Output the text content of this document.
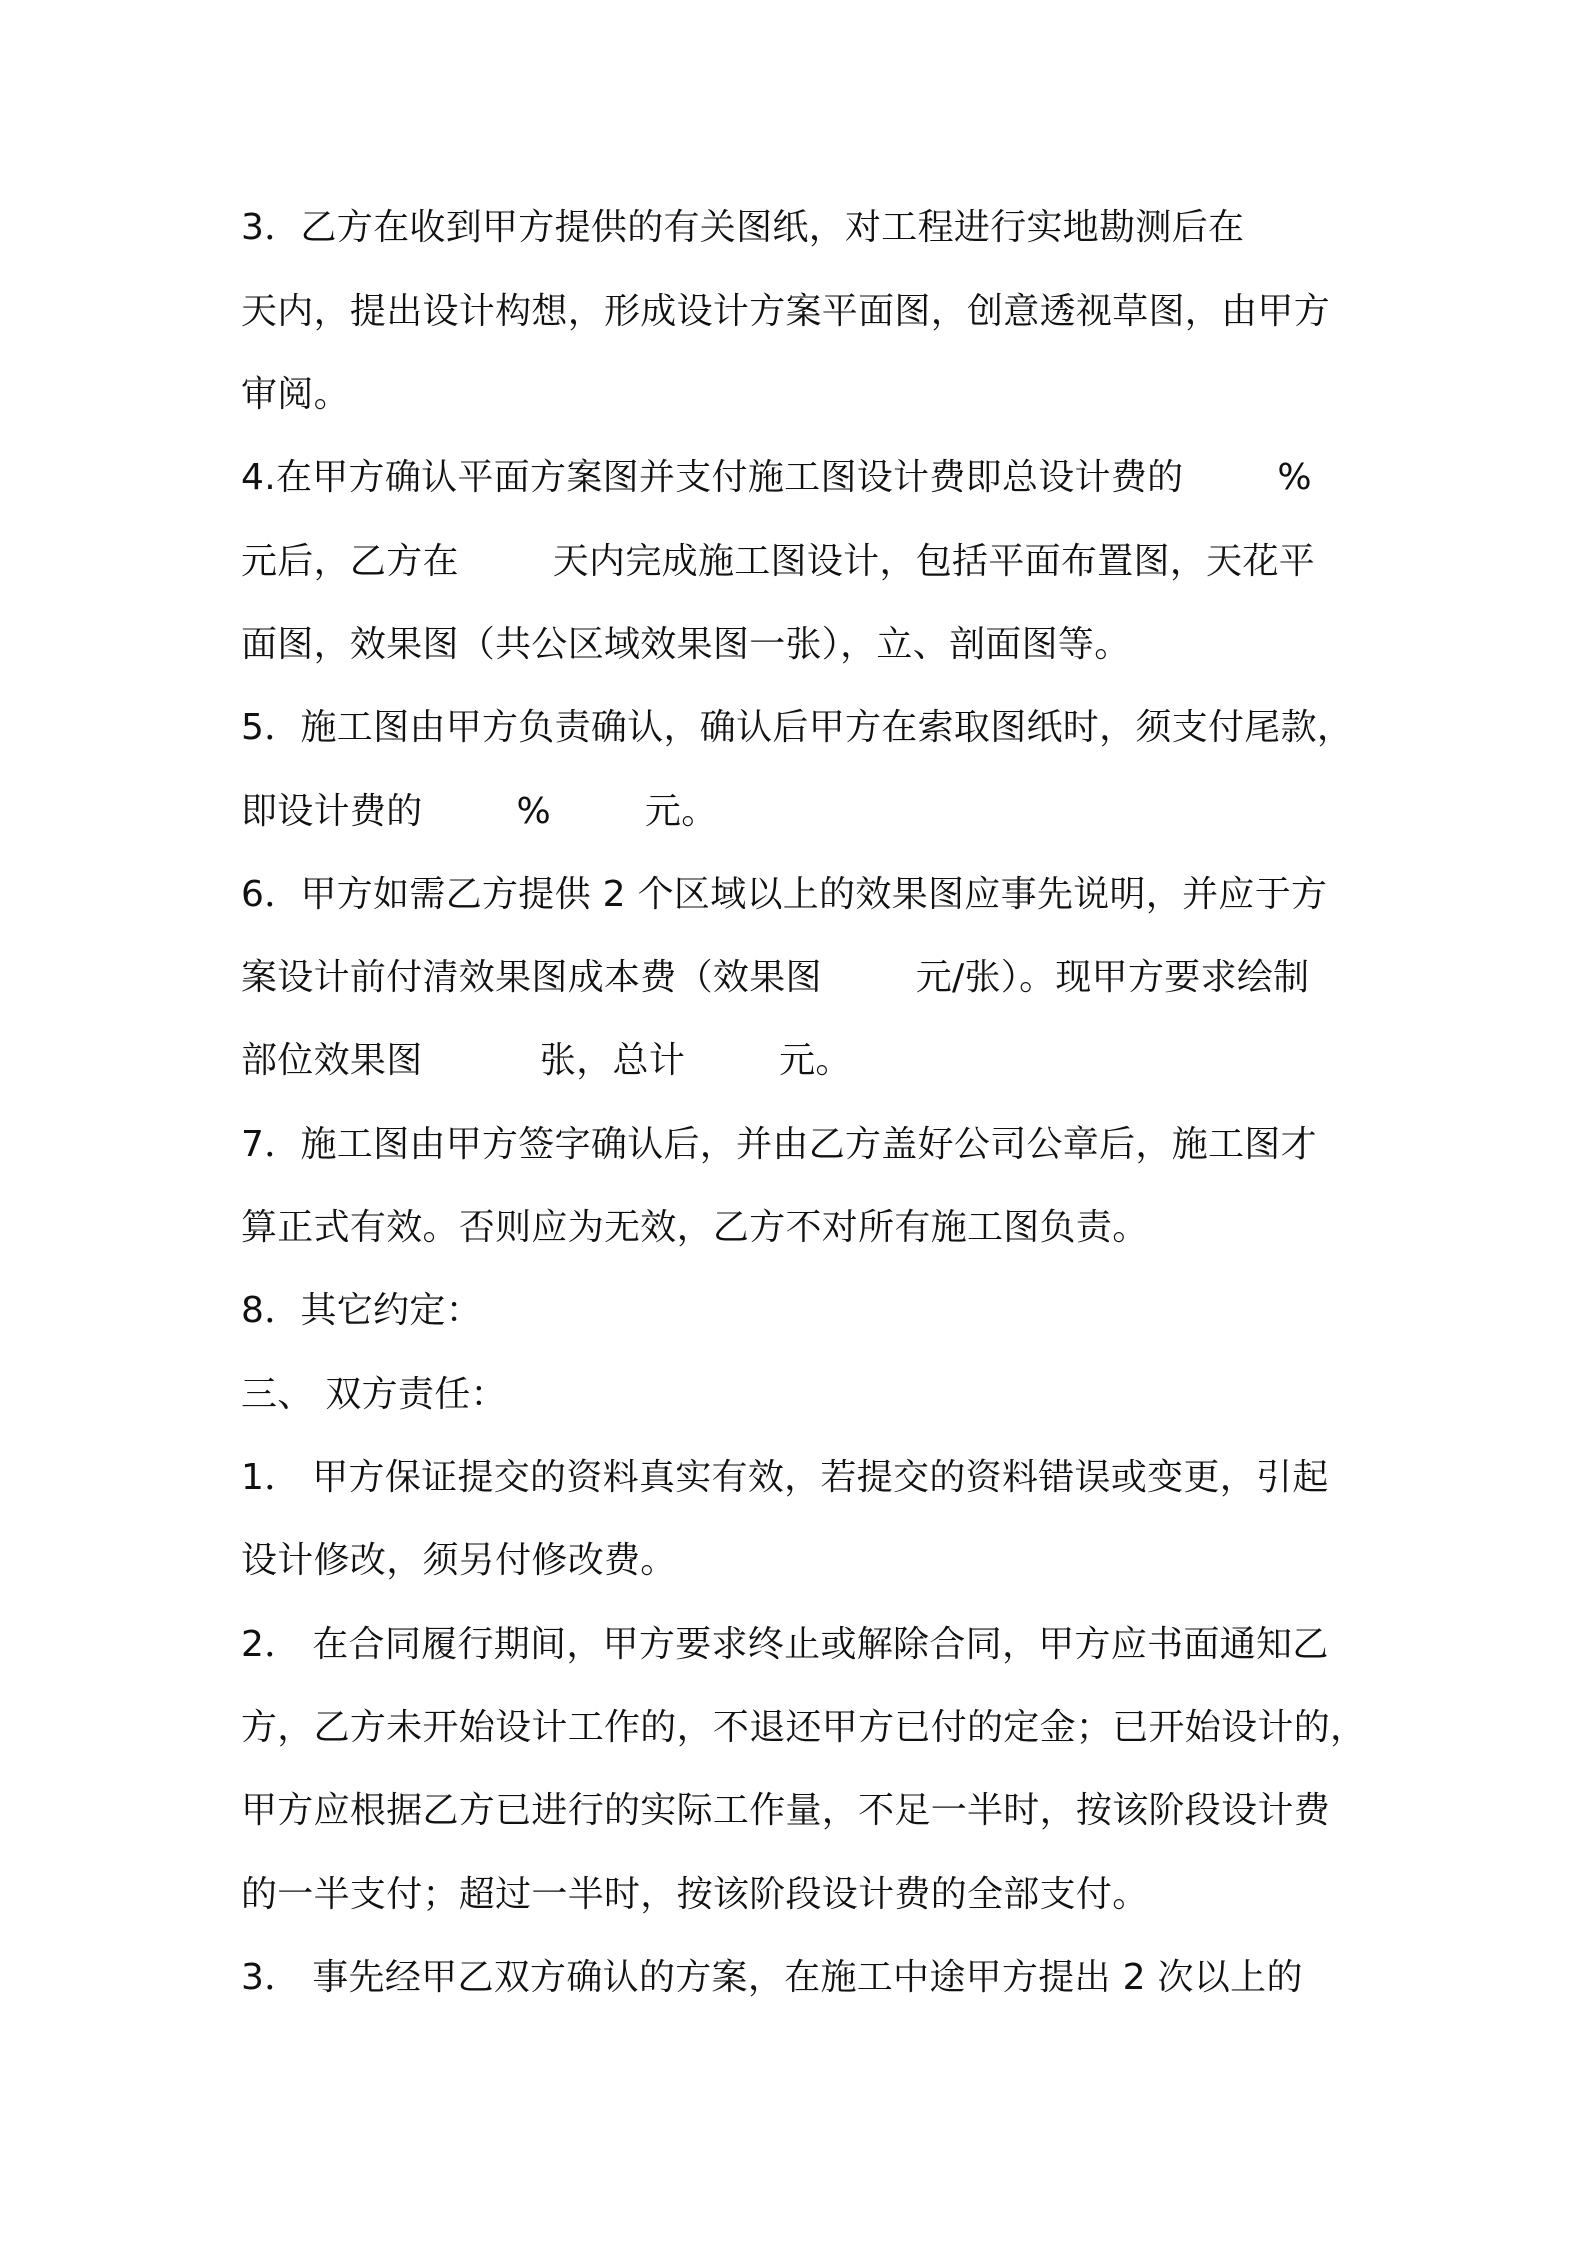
3．乙方在收到甲方提供的有关图纸，对工程进行实地勘测后在
天内，提出设计构想，形成设计方案平面图，创意透视草图，由甲方
审阅。
4.在甲方确认平面方案图并支付施工图设计费即总设计费的        %
元后，乙方在        天内完成施工图设计，包括平面布置图，天花平
面图，效果图（共公区域效果图一张），立、剖面图等。
5．施工图由甲方负责确认，确认后甲方在索取图纸时，须支付尾款，
即设计费的        %        元。
6．甲方如需乙方提供 2 个区域以上的效果图应事先说明，并应于方
案设计前付清效果图成本费（效果图        元/张）。现甲方要求绘制
部位效果图          张，总计        元。
7．施工图由甲方签字确认后，并由乙方盖好公司公章后，施工图才
算正式有效。否则应为无效，乙方不对所有施工图负责。
8．其它约定：
三、 双方责任：
1． 甲方保证提交的资料真实有效，若提交的资料错误或变更，引起
设计修改，须另付修改费。
2． 在合同履行期间，甲方要求终止或解除合同，甲方应书面通知乙
方，乙方未开始设计工作的，不退还甲方已付的定金；已开始设计的，
甲方应根据乙方已进行的实际工作量，不足一半时，按该阶段设计费
的一半支付；超过一半时，按该阶段设计费的全部支付。
3． 事先经甲乙双方确认的方案，在施工中途甲方提出 2 次以上的
